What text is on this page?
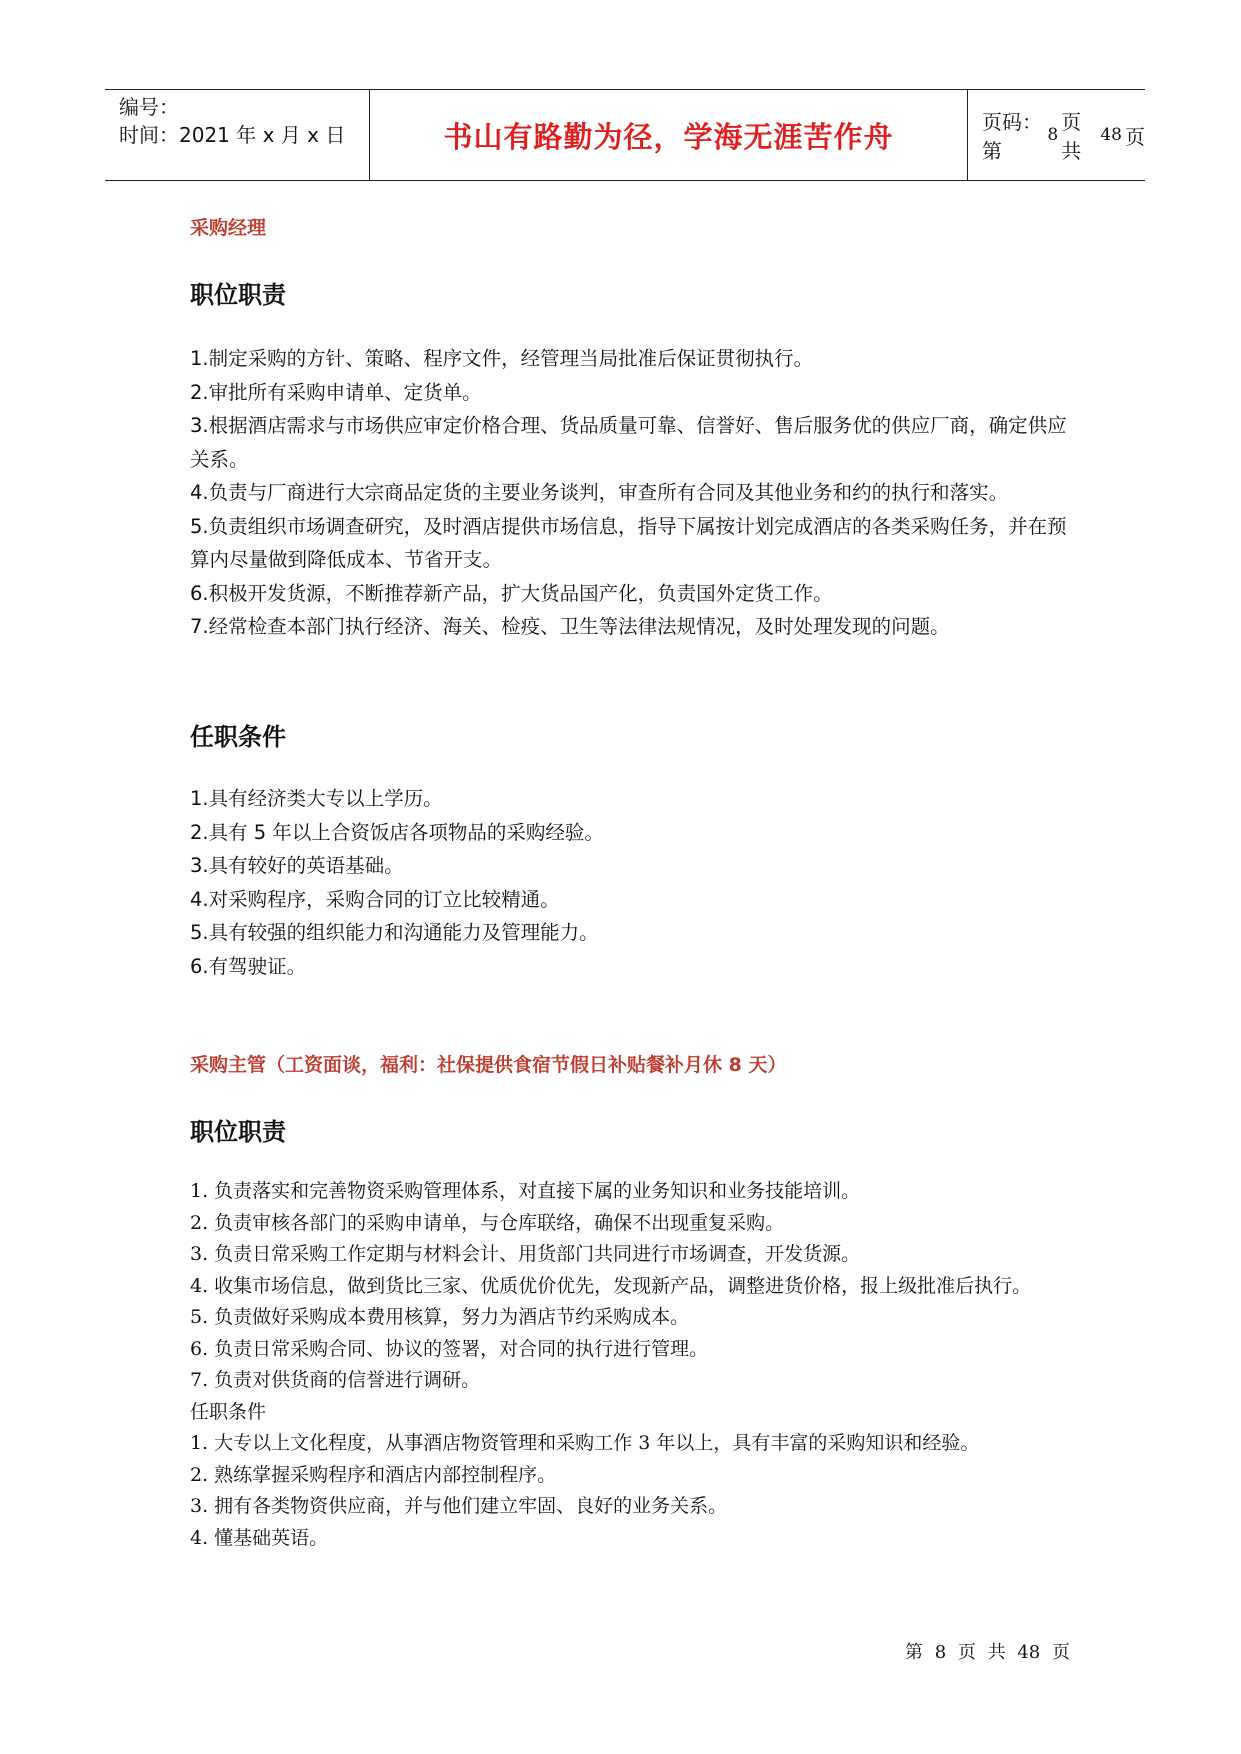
编号：
时间：2021 年 x 月 x 日	书山有路勤为径，学海无涯苦作舟	页码：第
8
页 共
48 页
采购经理
职位职责
1.制定采购的方针、策略、程序文件，经管理当局批准后保证贯彻执行。
2.审批所有采购申请单、定货单。
3.根据酒店需求与市场供应审定价格合理、货品质量可靠、信誉好、售后服务优的供应厂商，确定供应关系。
4.负责与厂商进行大宗商品定货的主要业务谈判，审查所有合同及其他业务和约的执行和落实。
5.负责组织市场调查研究，及时酒店提供市场信息，指导下属按计划完成酒店的各类采购任务，并在预算内尽量做到降低成本、节省开支。
6.积极开发货源，不断推荐新产品，扩大货品国产化，负责国外定货工作。
7.经常检查本部门执行经济、海关、检疫、卫生等法律法规情况，及时处理发现的问题。
任职条件
1.具有经济类大专以上学历。
2.具有 5 年以上合资饭店各项物品的采购经验。
3.具有较好的英语基础。
4.对采购程序，采购合同的订立比较精通。
5.具有较强的组织能力和沟通能力及管理能力。
6.有驾驶证。
采购主管（工资面谈，福利：社保提供食宿节假日补贴餐补月休 8 天）
职位职责
1. 负责落实和完善物资采购管理体系，对直接下属的业务知识和业务技能培训。
2. 负责审核各部门的采购申请单，与仓库联络，确保不出现重复采购。
3. 负责日常采购工作定期与材料会计、用货部门共同进行市场调查，开发货源。
4. 收集市场信息，做到货比三家、优质优价优先，发现新产品，调整进货价格，报上级批准后执行。
5. 负责做好采购成本费用核算，努力为酒店节约采购成本。
6. 负责日常采购合同、协议的签署，对合同的执行进行管理。
7. 负责对供货商的信誉进行调研。
任职条件
1. 大专以上文化程度，从事酒店物资管理和采购工作 3 年以上，具有丰富的采购知识和经验。
2. 熟练掌握采购程序和酒店内部控制程序。
3. 拥有各类物资供应商，并与他们建立牢固、良好的业务关系。
4. 懂基础英语。
第 8 页 共 48 页
